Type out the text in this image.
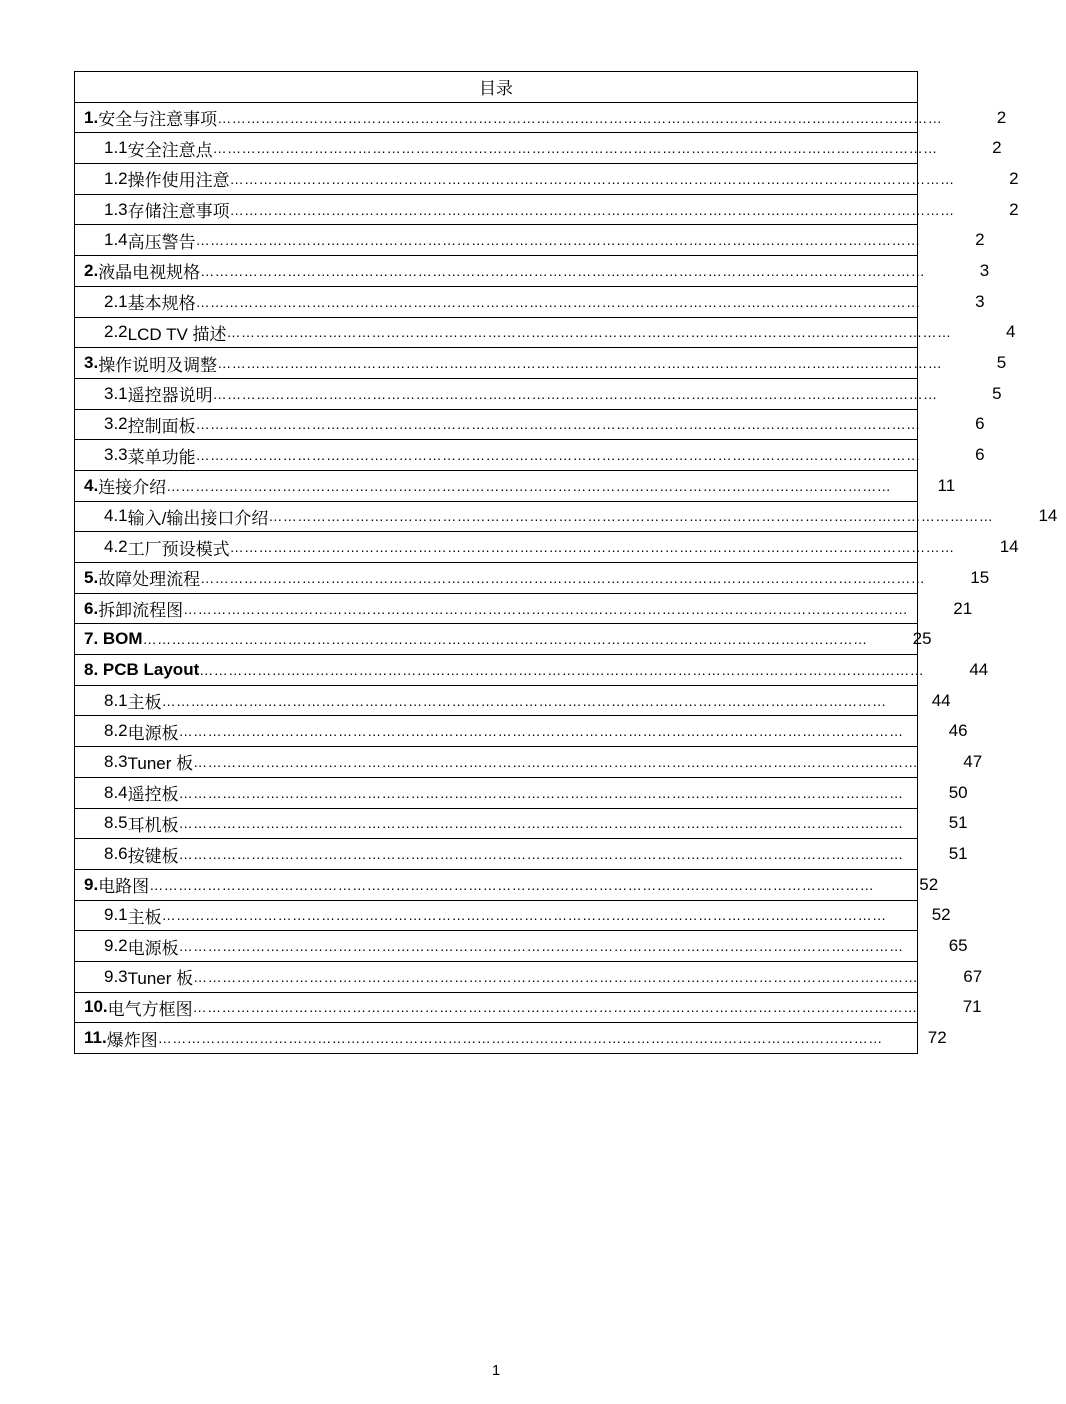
目录

1. 安全与注意事项 ……………………………………………………………………………………………………………………………………	2

1.1 安全注意点 ……………………………………………………………………………………………………………………………………	2

1.2 操作使用注意 ……………………………………………………………………………………………………………………………………	2

1.3 存储注意事项 ……………………………………………………………………………………………………………………………………	2

1.4 高压警告 ……………………………………………………………………………………………………………………………………	2

2. 液晶电视规格 ……………………………………………………………………………………………………………………………………	3

2.1 基本规格 ……………………………………………………………………………………………………………………………………	3

2.2 LCD TV 描述 ……………………………………………………………………………………………………………………………………	4

3. 操作说明及调整 ……………………………………………………………………………………………………………………………………	5

3.1 遥控器说明 ……………………………………………………………………………………………………………………………………	5

3.2 控制面板 ……………………………………………………………………………………………………………………………………	6

3.3 菜单功能 ……………………………………………………………………………………………………………………………………	6

4. 连接介绍 ……………………………………………………………………………………………………………………………………	11

4.1 输入/输出接口介绍 ……………………………………………………………………………………………………………………………………	14

4.2 工厂预设模式 ……………………………………………………………………………………………………………………………………	14

5. 故障处理流程 ……………………………………………………………………………………………………………………………………	15

6. 拆卸流程图 ……………………………………………………………………………………………………………………………………	21

7. BOM ……………………………………………………………………………………………………………………………………	25

8. PCB Layout ……………………………………………………………………………………………………………………………………	44

8.1 主板 ……………………………………………………………………………………………………………………………………	44

8.2 电源板 ……………………………………………………………………………………………………………………………………	46

8.3 Tuner 板 ……………………………………………………………………………………………………………………………………	47

8.4 遥控板 ……………………………………………………………………………………………………………………………………	50

8.5 耳机板 ……………………………………………………………………………………………………………………………………	51

8.6 按键板 ……………………………………………………………………………………………………………………………………	51

9. 电路图 ……………………………………………………………………………………………………………………………………	52

9.1 主板 ……………………………………………………………………………………………………………………………………	52

9.2 电源板 ……………………………………………………………………………………………………………………………………	65

9.3 Tuner 板 ……………………………………………………………………………………………………………………………………	67

10. 电气方框图 ……………………………………………………………………………………………………………………………………	71

11. 爆炸图 ……………………………………………………………………………………………………………………………………	72
1
